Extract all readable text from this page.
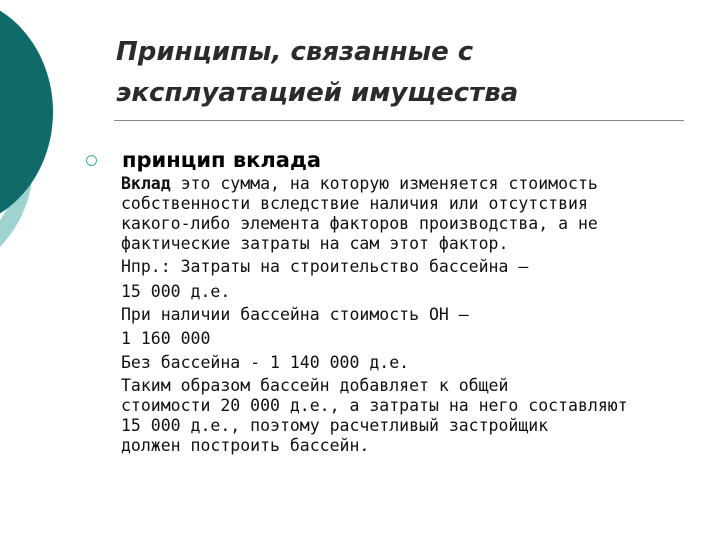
Принципы, связанные с
эксплуатацией имущества
принцип вклада
Вклад это сумма, на которую изменяется стоимость
собственности вследствие наличия или отсутствия
какого-либо элемента факторов производства, а не
фактические затраты на сам этот фактор.
Нпр.: Затраты на строительство бассейна –
15 000 д.е.
При наличии бассейна стоимость ОН –
1 160 000
Без бассейна - 1 140 000 д.е.
Таким образом бассейн добавляет к общей
стоимости 20 000 д.е., а затраты на него составляют
15 000 д.е., поэтому расчетливый застройщик
должен построить бассейн.
